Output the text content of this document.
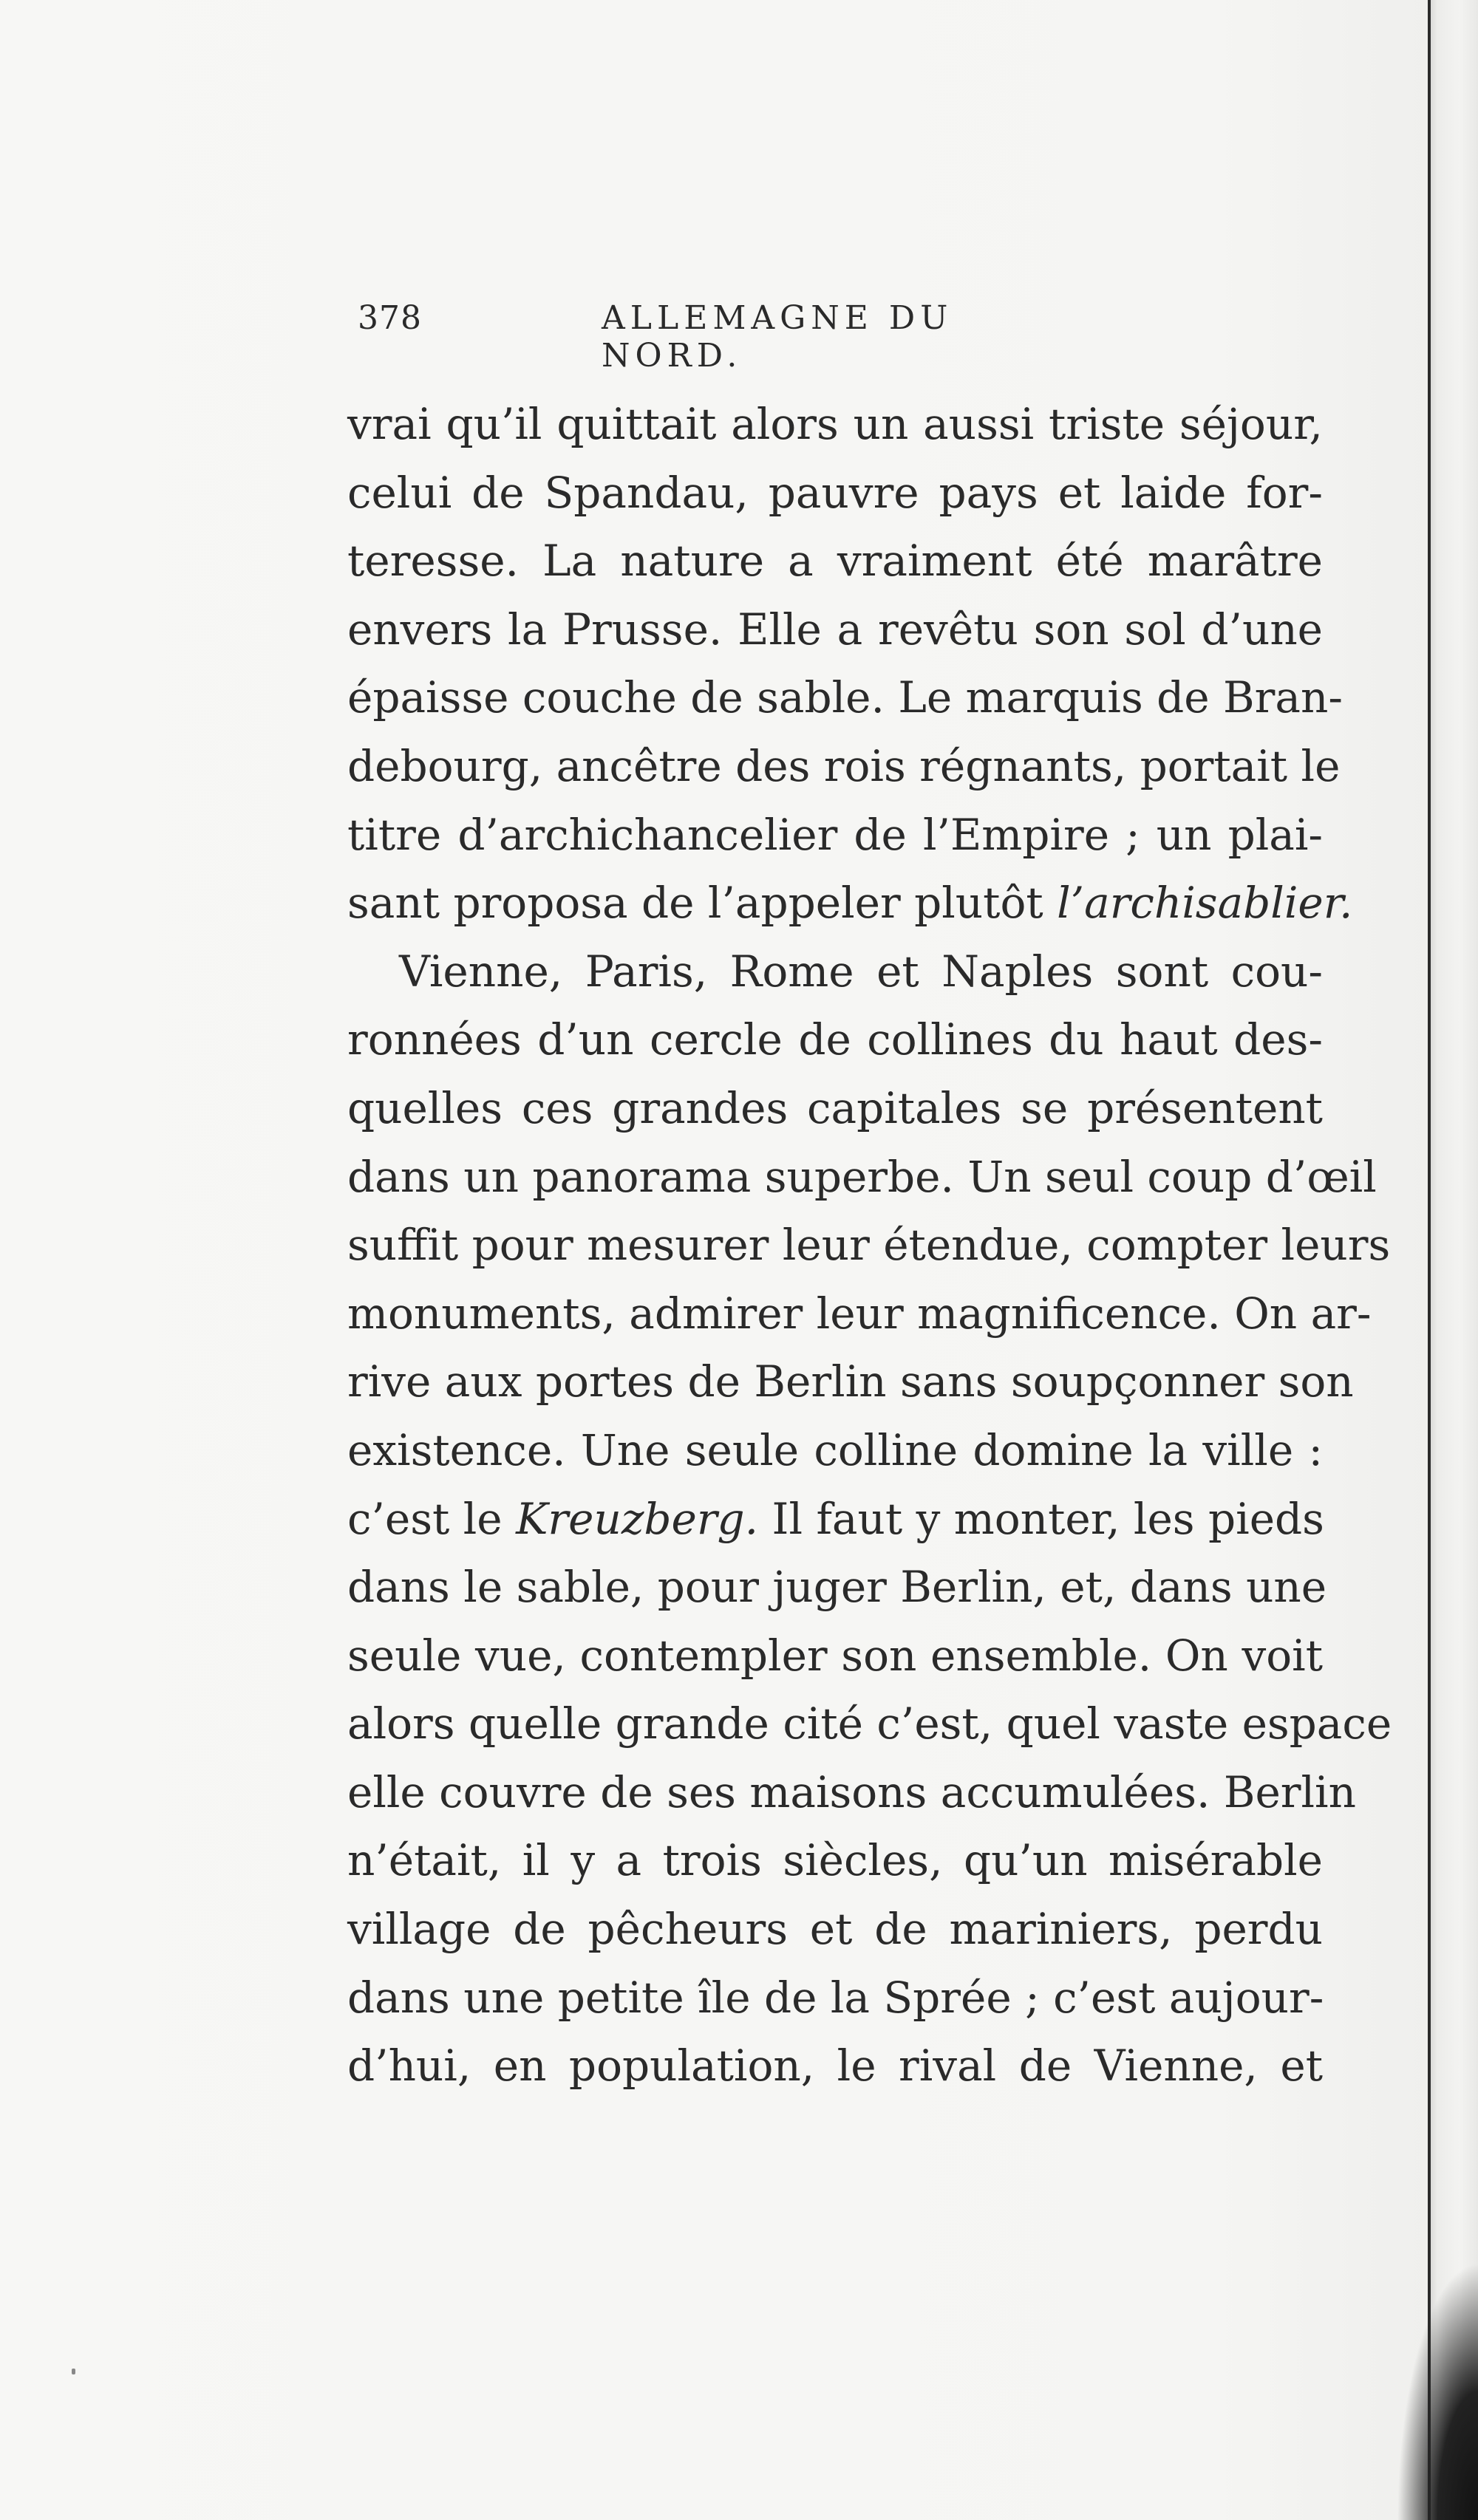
378	ALLEMAGNE DU NORD.
vrai qu’il quittait alors un aussi triste séjour,
celui de Spandau, pauvre pays et laide for-
teresse. La nature a vraiment été marâtre
envers la Prusse. Elle a revêtu son sol d’une
épaisse couche de sable. Le marquis de Bran-
debourg, ancêtre des rois régnants, portait le
titre d’archichancelier de l’Empire ; un plai-
sant proposa de l’appeler plutôt l’archisablier.
Vienne, Paris, Rome et Naples sont cou-
ronnées d’un cercle de collines du haut des-
quelles ces grandes capitales se présentent
dans un panorama superbe. Un seul coup d’œil
suffit pour mesurer leur étendue, compter leurs
monuments, admirer leur magnificence. On ar-
rive aux portes de Berlin sans soupçonner son
existence. Une seule colline domine la ville :
c’est le Kreuzberg. Il faut y monter, les pieds
dans le sable, pour juger Berlin, et, dans une
seule vue, contempler son ensemble. On voit
alors quelle grande cité c’est, quel vaste espace
elle couvre de ses maisons accumulées. Berlin
n’était, il y a trois siècles, qu’un misérable
village de pêcheurs et de mariniers, perdu
dans une petite île de la Sprée ; c’est aujour-
d’hui, en population, le rival de Vienne, et
